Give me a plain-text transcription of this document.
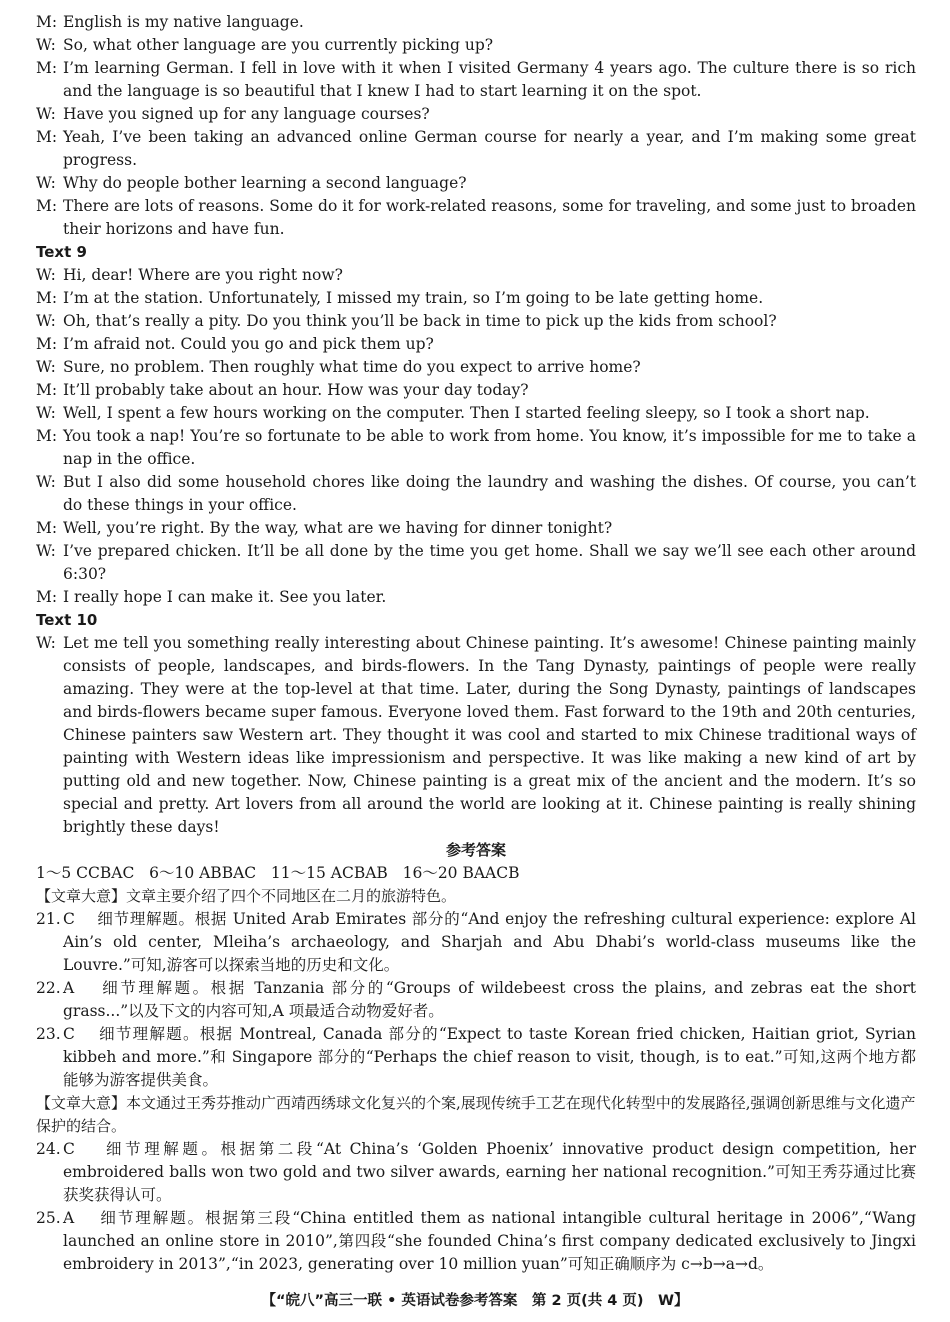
M: English is my native language.
W: So, what other language are you currently picking up?
M: I’m learning German. I fell in love with it when I visited Germany 4 years ago. The culture there is so rich and the language is so beautiful that I knew I had to start learning it on the spot.
W: Have you signed up for any language courses?
M: Yeah, I’ve been taking an advanced online German course for nearly a year, and I’m making some great progress.
W: Why do people bother learning a second language?
M: There are lots of reasons. Some do it for work-related reasons, some for traveling, and some just to broaden their horizons and have fun.
Text 9
W: Hi, dear! Where are you right now?
M: I’m at the station. Unfortunately, I missed my train, so I’m going to be late getting home.
W: Oh, that’s really a pity. Do you think you’ll be back in time to pick up the kids from school?
M: I’m afraid not. Could you go and pick them up?
W: Sure, no problem. Then roughly what time do you expect to arrive home?
M: It’ll probably take about an hour. How was your day today?
W: Well, I spent a few hours working on the computer. Then I started feeling sleepy, so I took a short nap.
M: You took a nap! You’re so fortunate to be able to work from home. You know, it’s impossible for me to take a nap in the office.
W: But I also did some household chores like doing the laundry and washing the dishes. Of course, you can’t do these things in your office.
M: Well, you’re right. By the way, what are we having for dinner tonight?
W: I’ve prepared chicken. It’ll be all done by the time you get home. Shall we say we’ll see each other around 6:30?
M: I really hope I can make it. See you later.
Text 10
W: Let me tell you something really interesting about Chinese painting. It’s awesome! Chinese painting mainly consists of people, landscapes, and birds-flowers. In the Tang Dynasty, paintings of people were really amazing. They were at the top-level at that time. Later, during the Song Dynasty, paintings of landscapes and birds-flowers became super famous. Everyone loved them. Fast forward to the 19th and 20th centuries, Chinese painters saw Western art. They thought it was cool and started to mix Chinese traditional ways of painting with Western ideas like impressionism and perspective. It was like making a new kind of art by putting old and new together. Now, Chinese painting is a great mix of the ancient and the modern. It’s so special and pretty. Art lovers from all around the world are looking at it. Chinese painting is really shining brightly these days!
参考答案
1～5 CCBAC   6～10 ABBAC   11～15 ACBAB   16～20 BAACB
【文章大意】文章主要介绍了四个不同地区在二月的旅游特色。
21. C　 细节理解题。根据 United Arab Emirates 部分的“And enjoy the refreshing cultural experience: explore Al Ain’s old center, Mleiha’s archaeology, and Sharjah and Abu Dhabi’s world-class museums like the Louvre.”可知,游客可以探索当地的历史和文化。
22. A　 细节理解题。根据 Tanzania 部分的“Groups of wildebeest cross the plains, and zebras eat the short grass...”以及下文的内容可知,A 项最适合动物爱好者。
23. C　 细节理解题。根据 Montreal, Canada 部分的“Expect to taste Korean fried chicken, Haitian griot, Syrian kibbeh and more.”和 Singapore 部分的“Perhaps the chief reason to visit, though, is to eat.”可知,这两个地方都能够为游客提供美食。
【文章大意】本文通过王秀芬推动广西靖西绣球文化复兴的个案,展现传统手工艺在现代化转型中的发展路径,强调创新思维与文化遗产保护的结合。
24. C　 细节理解题。根据第二段“At China’s ‘Golden Phoenix’ innovative product design competition, her embroidered balls won two gold and two silver awards, earning her national recognition.”可知王秀芬通过比赛获奖获得认可。
25. A　 细节理解题。根据第三段“China entitled them as national intangible cultural heritage in 2006”,“Wang launched an online store in 2010”,第四段“she founded China’s first company dedicated exclusively to Jingxi embroidery in 2013”,“in 2023, generating over 10 million yuan”可知正确顺序为 c→b→a→d。
【“皖八”高三一联 • 英语试卷参考答案　第 2 页(共 4 页)　W】
